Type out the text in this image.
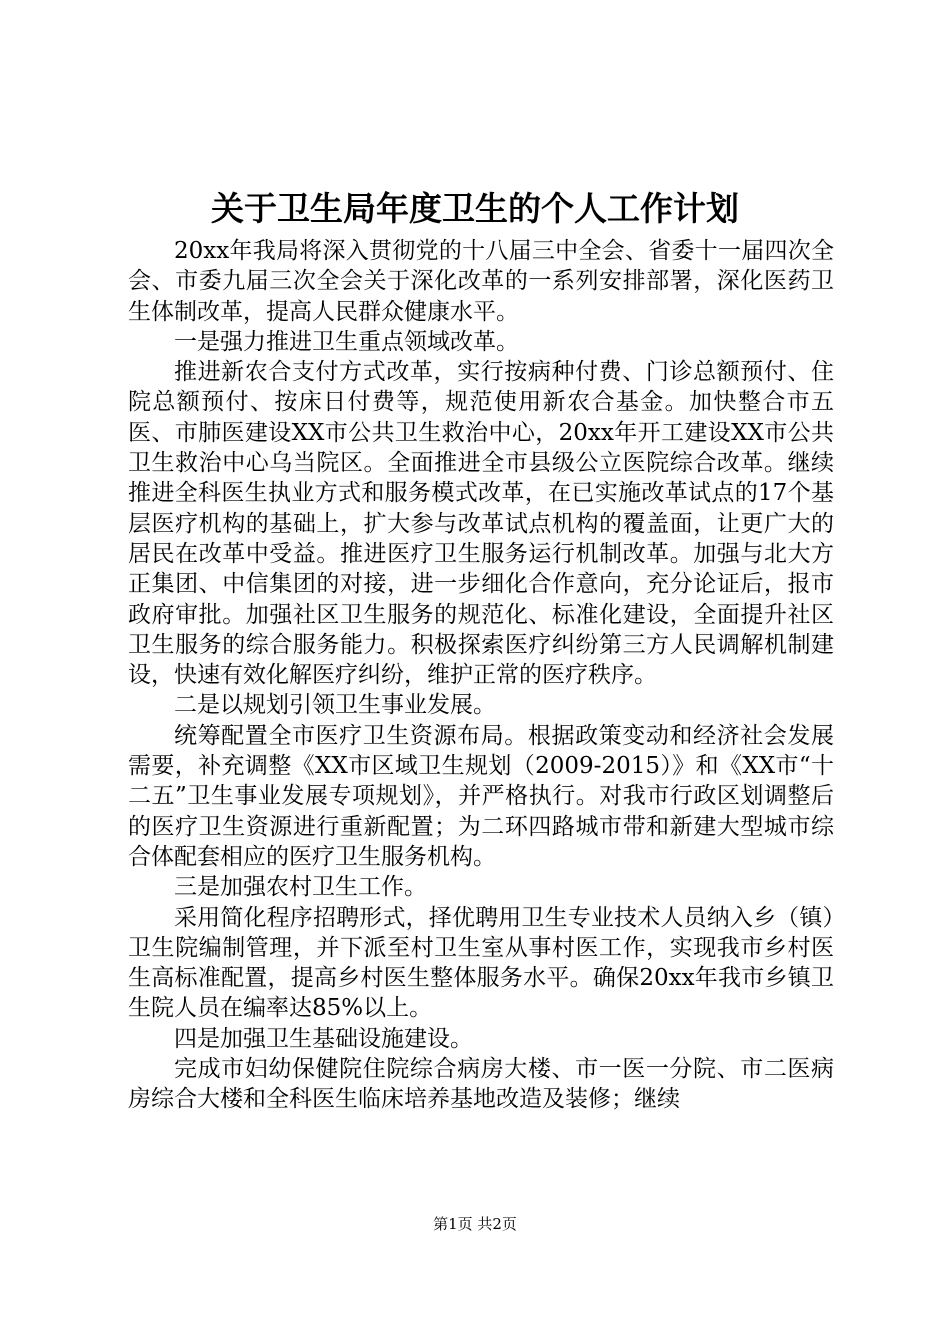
关于卫生局年度卫生的个人工作计划

20xx年我局将深入贯彻党的十八届三中全会、省委十一届四次全会、市委九届三次全会关于深化改革的一系列安排部署，深化医药卫生体制改革，提高人民群众健康水平。

一是强力推进卫生重点领域改革。

推进新农合支付方式改革，实行按病种付费、门诊总额预付、住院总额预付、按床日付费等，规范使用新农合基金。加快整合市五医、市肺医建设XX市公共卫生救治中心，20xx年开工建设XX市公共卫生救治中心乌当院区。全面推进全市县级公立医院综合改革。继续推进全科医生执业方式和服务模式改革，在已实施改革试点的17个基层医疗机构的基础上，扩大参与改革试点机构的覆盖面，让更广大的居民在改革中受益。推进医疗卫生服务运行机制改革。加强与北大方正集团、中信集团的对接，进一步细化合作意向，充分论证后，报市政府审批。加强社区卫生服务的规范化、标准化建设，全面提升社区卫生服务的综合服务能力。积极探索医疗纠纷第三方人民调解机制建设，快速有效化解医疗纠纷，维护正常的医疗秩序。

二是以规划引领卫生事业发展。

统筹配置全市医疗卫生资源布局。根据政策变动和经济社会发展需要，补充调整《XX市区域卫生规划（2009-2015）》和《XX市“十二五”卫生事业发展专项规划》，并严格执行。对我市行政区划调整后的医疗卫生资源进行重新配置；为二环四路城市带和新建大型城市综合体配套相应的医疗卫生服务机构。

三是加强农村卫生工作。

采用简化程序招聘形式，择优聘用卫生专业技术人员纳入乡（镇）卫生院编制管理，并下派至村卫生室从事村医工作，实现我市乡村医生高标准配置，提高乡村医生整体服务水平。确保20xx年我市乡镇卫生院人员在编率达85%以上。

四是加强卫生基础设施建设。

完成市妇幼保健院住院综合病房大楼、市一医一分院、市二医病房综合大楼和全科医生临床培养基地改造及装修；继续

第1页 共2页
